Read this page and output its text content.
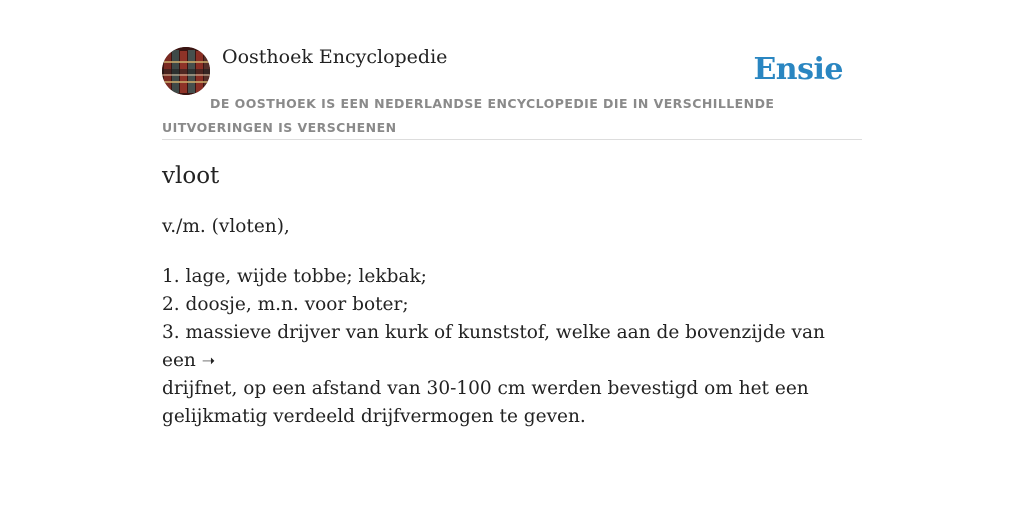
Oosthoek Encyclopedie	Ensie
DE OOSTHOEK IS EEN NEDERLANDSE ENCYCLOPEDIE DIE IN VERSCHILLENDE UITVOERINGEN IS VERSCHENEN
vloot
v./m. (vloten),
1. lage, wijde tobbe; lekbak;
2. doosje, m.n. voor boter;
3. massieve drijver van kurk of kunststof, welke aan de bovenzijde van een ➝
drijfnet, op een afstand van 30-100 cm werden bevestigd om het een gelijkmatig verdeeld drijfvermogen te geven.
